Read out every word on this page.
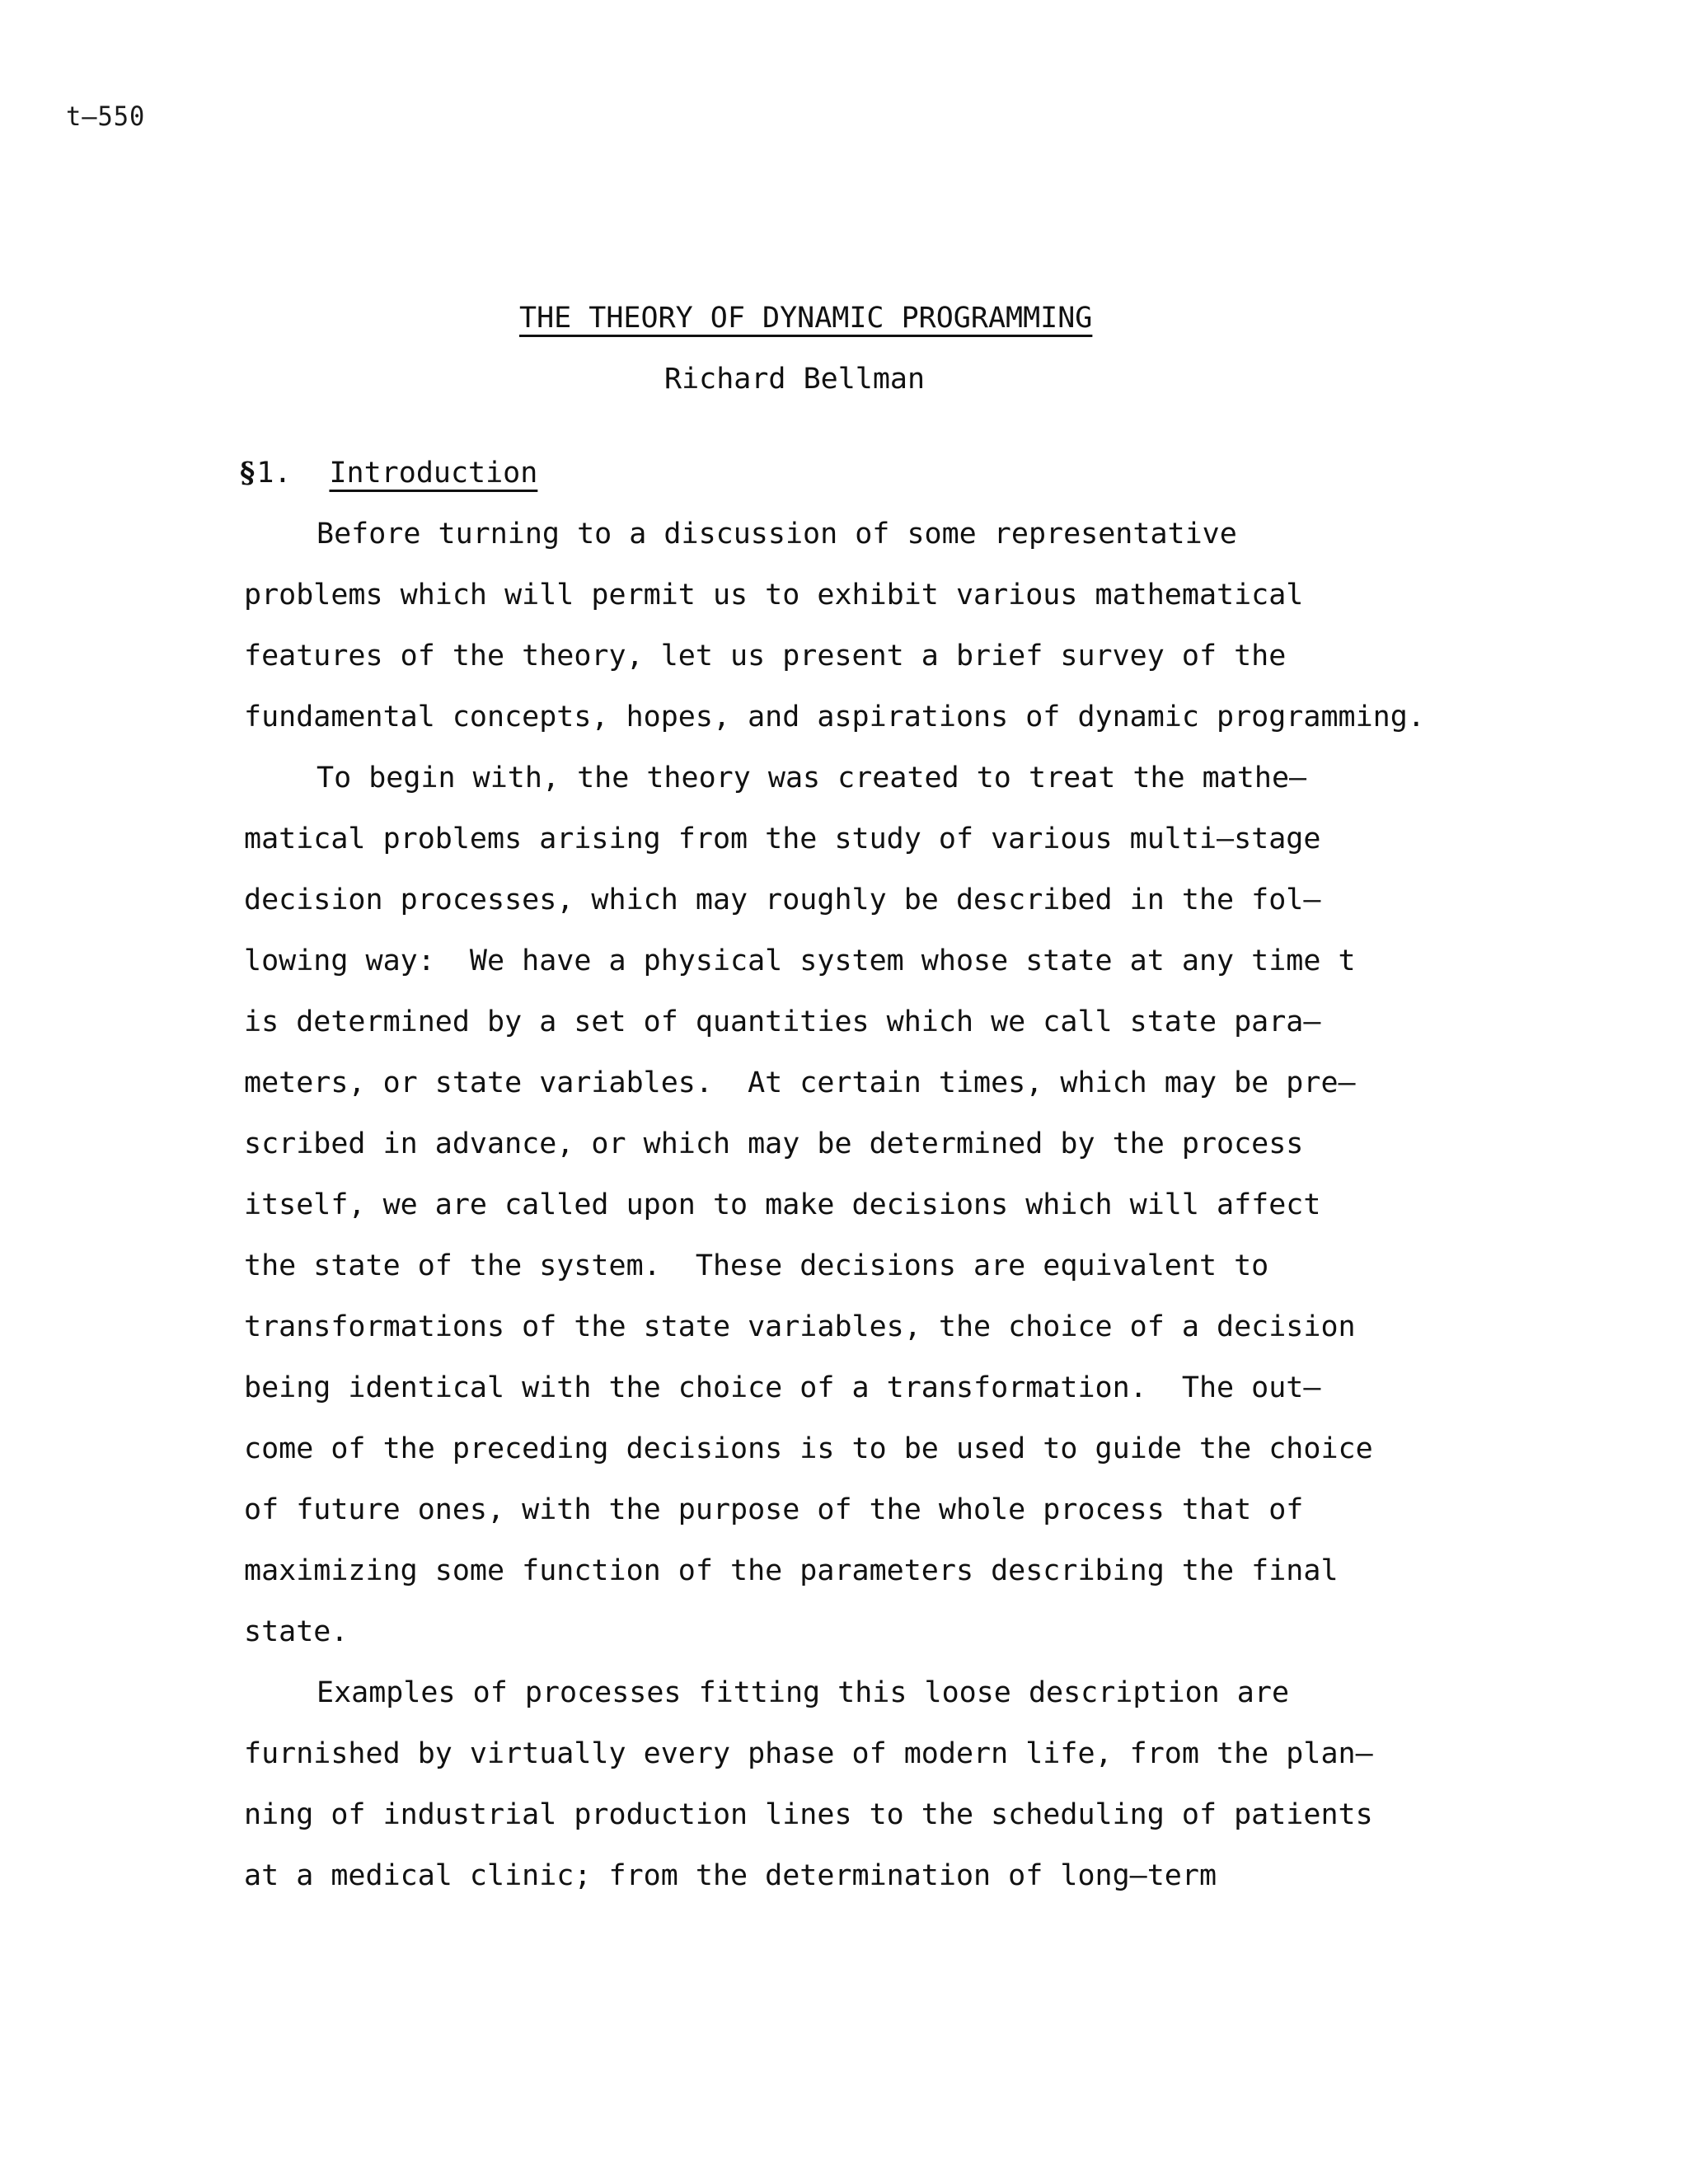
t—550
THE THEORY OF DYNAMIC PROGRAMMING
Richard Bellman
§1. Introduction
Before turning to a discussion of some representative
problems which will permit us to exhibit various mathematical
features of the theory, let us present a brief survey of the
fundamental concepts, hopes, and aspirations of dynamic programming.
To begin with, the theory was created to treat the mathe—
matical problems arising from the study of various multi—stage
decision processes, which may roughly be described in the fol—
lowing way:  We have a physical system whose state at any time t
is determined by a set of quantities which we call state para—
meters, or state variables.  At certain times, which may be pre—
scribed in advance, or which may be determined by the process
itself, we are called upon to make decisions which will affect
the state of the system.  These decisions are equivalent to
transformations of the state variables, the choice of a decision
being identical with the choice of a transformation.  The out—
come of the preceding decisions is to be used to guide the choice
of future ones, with the purpose of the whole process that of
maximizing some function of the parameters describing the final
state.
Examples of processes fitting this loose description are
furnished by virtually every phase of modern life, from the plan—
ning of industrial production lines to the scheduling of patients
at a medical clinic; from the determination of long—term
